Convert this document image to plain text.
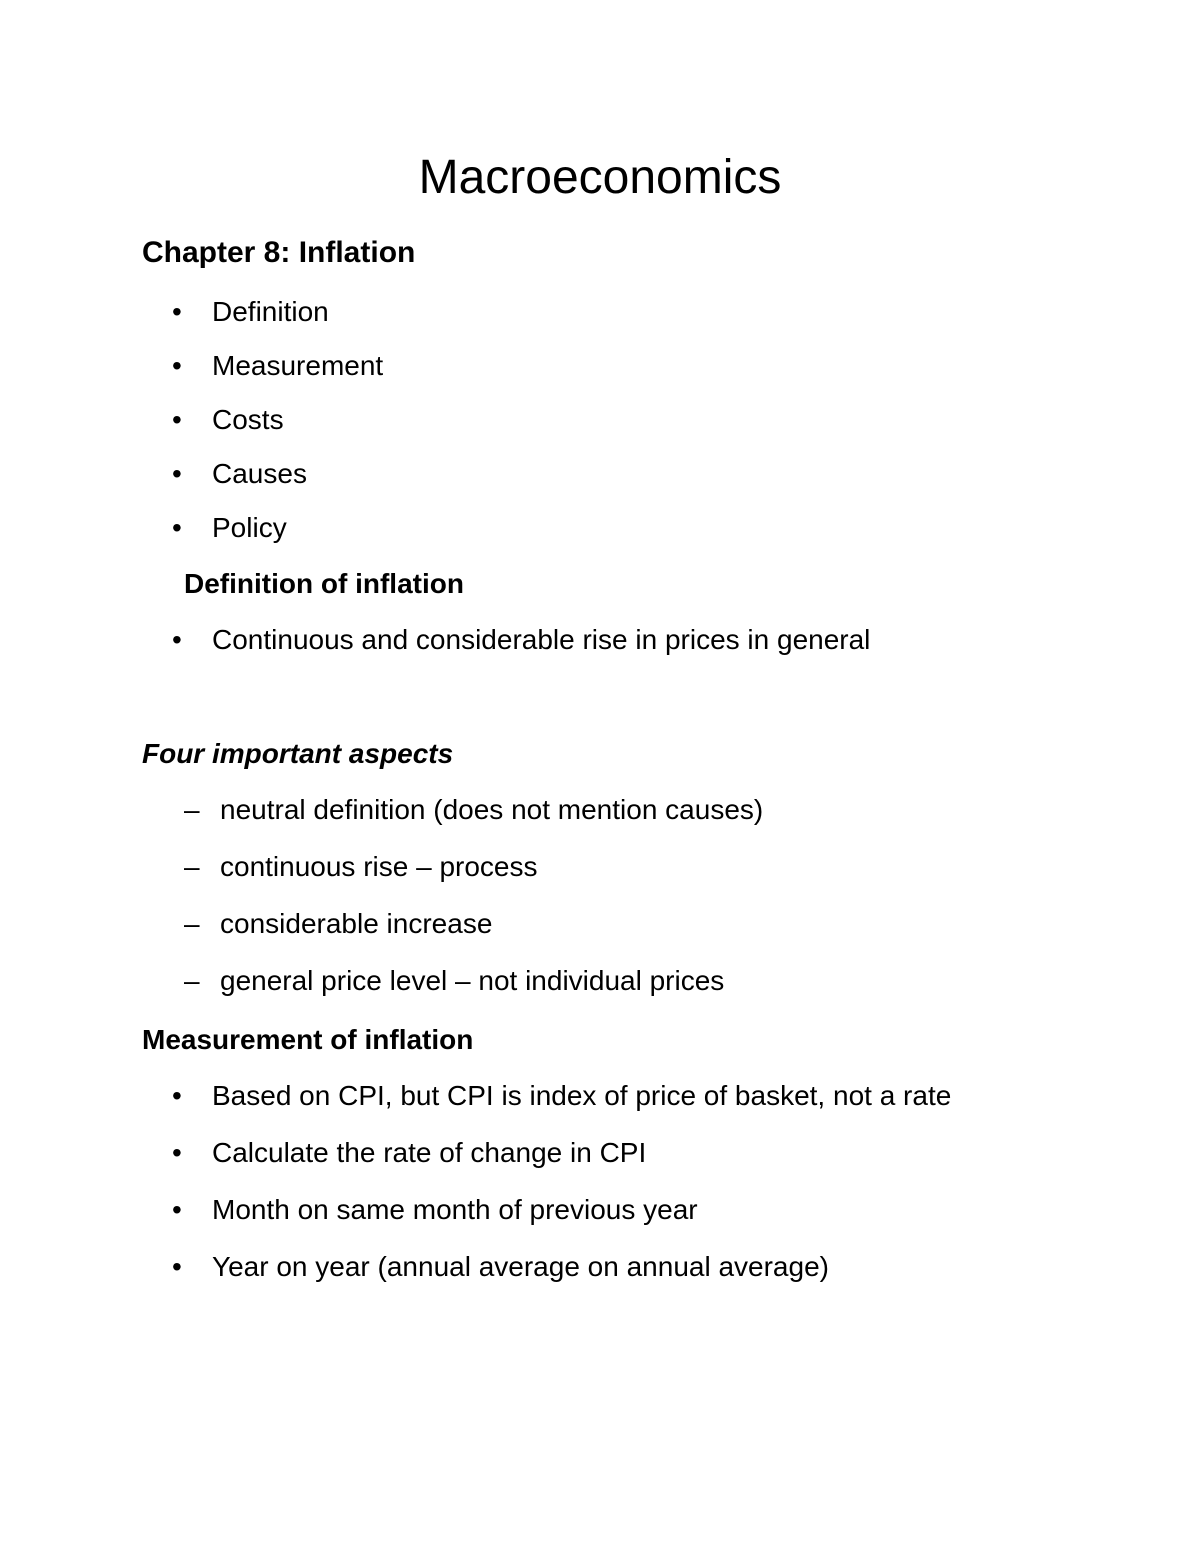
Macroeconomics
Chapter 8: Inflation
• Definition
• Measurement
• Costs
• Causes
• Policy
Definition of inflation
• Continuous and considerable rise in prices in general
Four important aspects
– neutral definition (does not mention causes)
– continuous rise – process
– considerable increase
– general price level – not individual prices
Measurement of inflation
• Based on CPI, but CPI is index of price of basket, not a rate
• Calculate the rate of change in CPI
• Month on same month of previous year
• Year on year (annual average on annual average)
